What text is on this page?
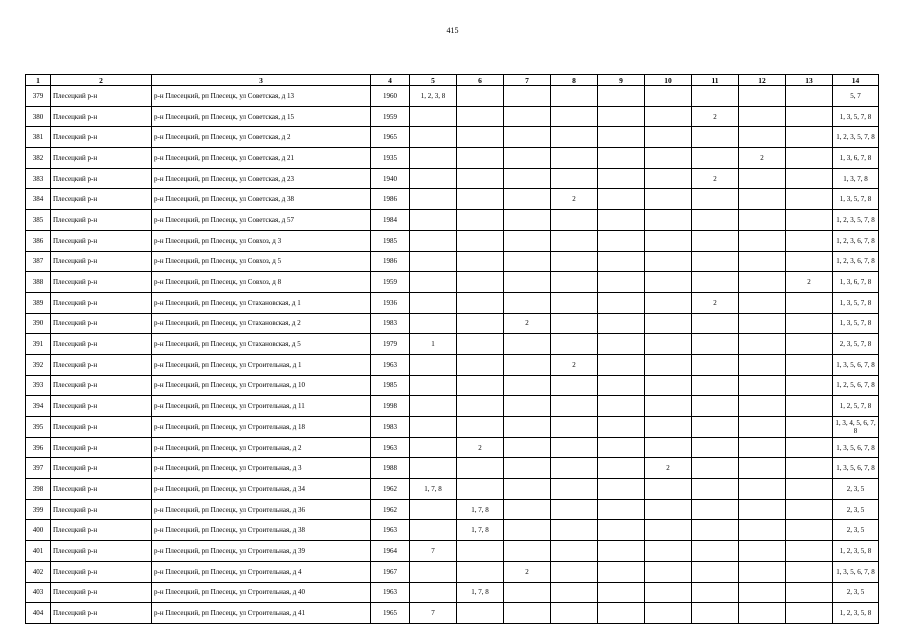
415
1	2	3	4	5	6	7	8	9	10	11	12	13	14
379	Плесецкий р-н	р-н Плесецкий, рп Плесецк, ул Советская, д 13	1960	1, 2, 3, 8									5, 7
380	Плесецкий р-н	р-н Плесецкий, рп Плесецк, ул Советская, д 15	1959							2			1, 3, 5, 7, 8
381	Плесецкий р-н	р-н Плесецкий, рп Плесецк, ул Советская, д 2	1965										1, 2, 3, 5, 7, 8
382	Плесецкий р-н	р-н Плесецкий, рп Плесецк, ул Советская, д 21	1935								2		1, 3, 6, 7, 8
383	Плесецкий р-н	р-н Плесецкий, рп Плесецк, ул Советская, д 23	1940							2			1, 3, 7, 8
384	Плесецкий р-н	р-н Плесецкий, рп Плесецк, ул Советская, д 38	1986				2						1, 3, 5, 7, 8
385	Плесецкий р-н	р-н Плесецкий, рп Плесецк, ул Советская, д 57	1984										1, 2, 3, 5, 7, 8
386	Плесецкий р-н	р-н Плесецкий, рп Плесецк, ул Совхоз, д 3	1985										1, 2, 3, 6, 7, 8
387	Плесецкий р-н	р-н Плесецкий, рп Плесецк, ул Совхоз, д 5	1986										1, 2, 3, 6, 7, 8
388	Плесецкий р-н	р-н Плесецкий, рп Плесецк, ул Совхоз, д 8	1959									2	1, 3, 6, 7, 8
389	Плесецкий р-н	р-н Плесецкий, рп Плесецк, ул Стахановская, д 1	1936							2			1, 3, 5, 7, 8
390	Плесецкий р-н	р-н Плесецкий, рп Плесецк, ул Стахановская, д 2	1983			2							1, 3, 5, 7, 8
391	Плесецкий р-н	р-н Плесецкий, рп Плесецк, ул Стахановская, д 5	1979	1									2, 3, 5, 7, 8
392	Плесецкий р-н	р-н Плесецкий, рп Плесецк, ул Строительная, д 1	1963				2						1, 3, 5, 6, 7, 8
393	Плесецкий р-н	р-н Плесецкий, рп Плесецк, ул Строительная, д 10	1985										1, 2, 5, 6, 7, 8
394	Плесецкий р-н	р-н Плесецкий, рп Плесецк, ул Строительная, д 11	1998										1, 2, 5, 7, 8
395	Плесецкий р-н	р-н Плесецкий, рп Плесецк, ул Строительная, д 18	1983										1, 3, 4, 5, 6, 7, 8
396	Плесецкий р-н	р-н Плесецкий, рп Плесецк, ул Строительная, д 2	1963		2								1, 3, 5, 6, 7, 8
397	Плесецкий р-н	р-н Плесецкий, рп Плесецк, ул Строительная, д 3	1988						2				1, 3, 5, 6, 7, 8
398	Плесецкий р-н	р-н Плесецкий, рп Плесецк, ул Строительная, д 34	1962	1, 7, 8									2, 3, 5
399	Плесецкий р-н	р-н Плесецкий, рп Плесецк, ул Строительная, д 36	1962		1, 7, 8								2, 3, 5
400	Плесецкий р-н	р-н Плесецкий, рп Плесецк, ул Строительная, д 38	1963		1, 7, 8								2, 3, 5
401	Плесецкий р-н	р-н Плесецкий, рп Плесецк, ул Строительная, д 39	1964	7									1, 2, 3, 5, 8
402	Плесецкий р-н	р-н Плесецкий, рп Плесецк, ул Строительная, д 4	1967			2							1, 3, 5, 6, 7, 8
403	Плесецкий р-н	р-н Плесецкий, рп Плесецк, ул Строительная, д 40	1963		1, 7, 8								2, 3, 5
404	Плесецкий р-н	р-н Плесецкий, рп Плесецк, ул Строительная, д 41	1965	7									1, 2, 3, 5, 8
